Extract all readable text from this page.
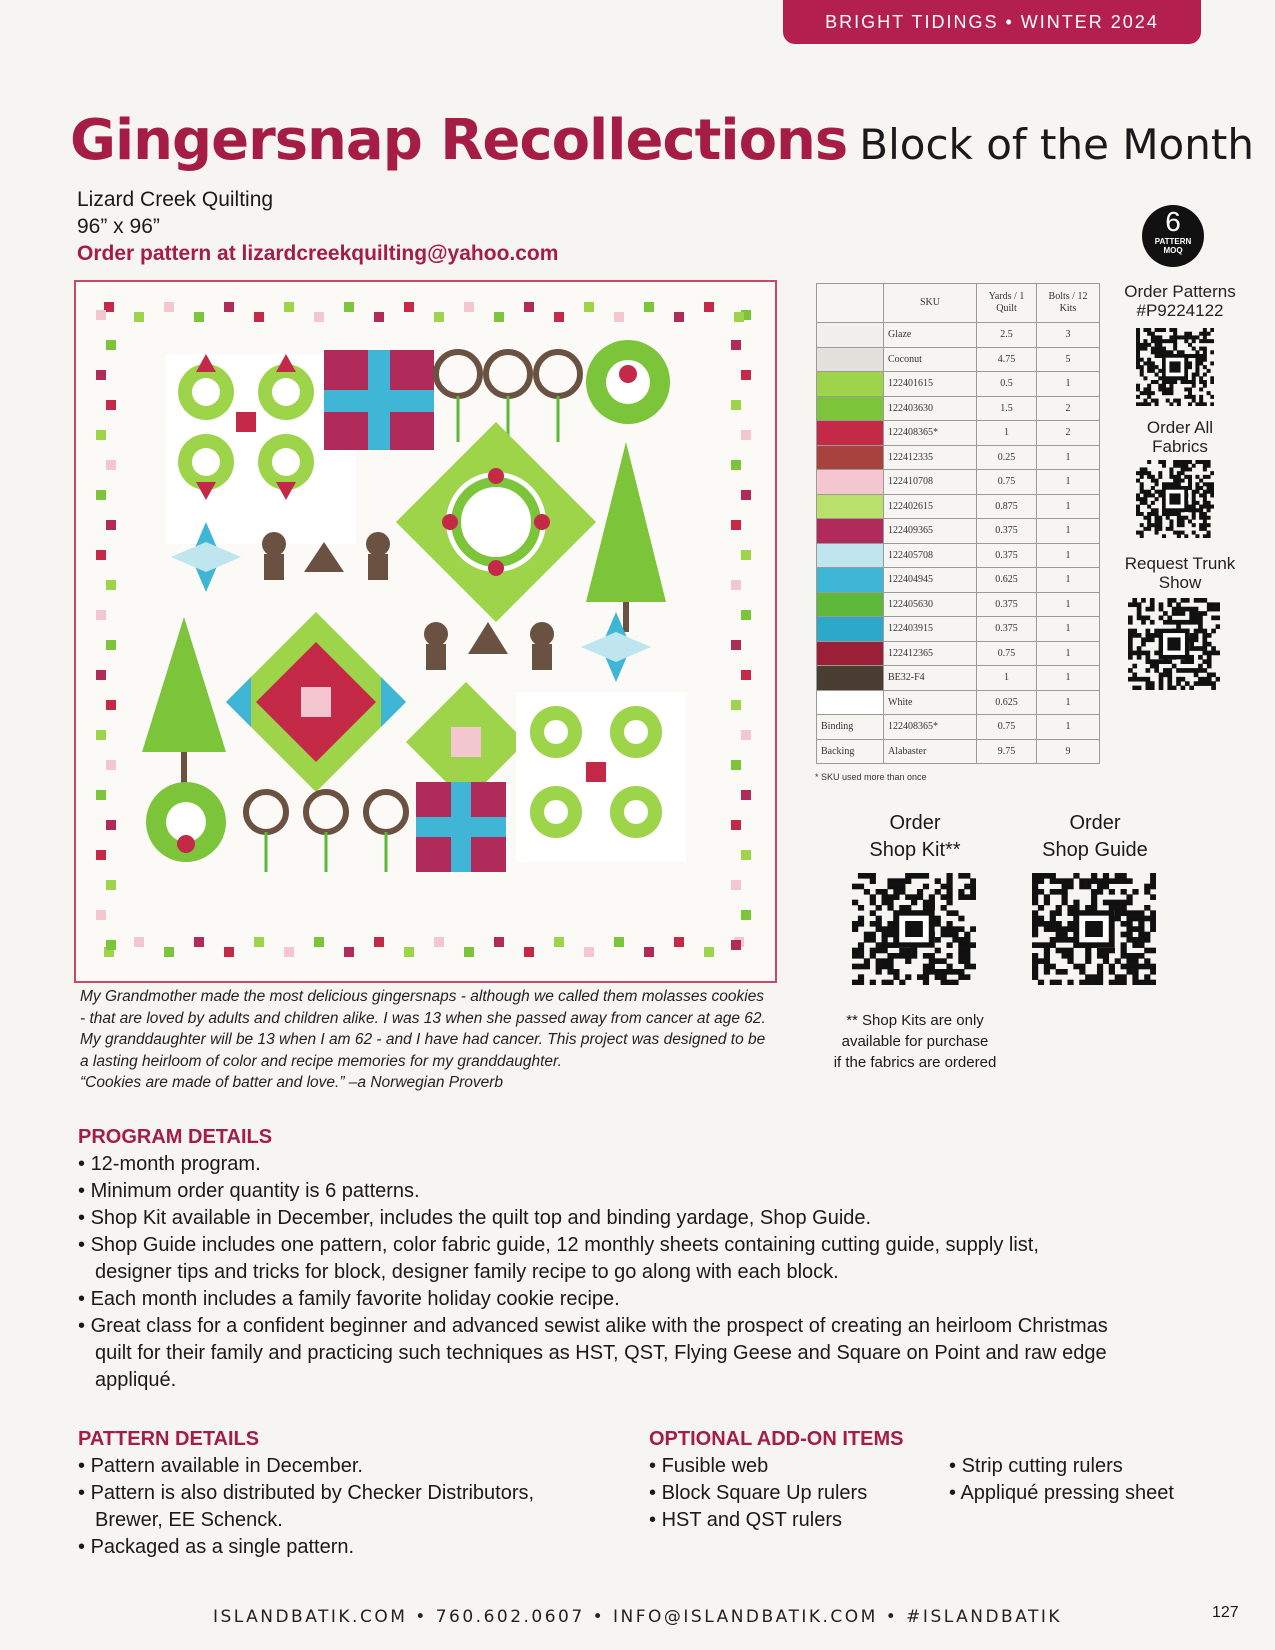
BRIGHT TIDINGS • WINTER 2024
Gingersnap Recollections Block of the Month
Lizard Creek Quilting
96” x 96”
Order pattern at lizardcreekquilting@yahoo.com
6
PATTERN
MOQ
My Grandmother made the most delicious gingersnaps - although we called them molasses cookies
- that are loved by adults and children alike. I was 13 when she passed away from cancer at age 62.
My granddaughter will be 13 when I am 62 - and I have had cancer. This project was designed to be
a lasting heirloom of color and recipe memories for my granddaughter.
“Cookies are made of batter and love.” –a Norwegian Proverb
	SKU	Yards / 1 Quilt	Bolts / 12 Kits
	Glaze	2.5	3
	Coconut	4.75	5
	122401615	0.5	1
	122403630	1.5	2
	122408365*	1	2
	122412335	0.25	1
	122410708	0.75	1
	122402615	0.875	1
	122409365	0.375	1
	122405708	0.375	1
	122404945	0.625	1
	122405630	0.375	1
	122403915	0.375	1
	122412365	0.75	1
	BE32-F4	1	1
	White	0.625	1
Binding	122408365*	0.75	1
Backing	Alabaster	9.75	9
* SKU used more than once
Order Patterns
#P9224122
Order All
Fabrics
Request Trunk
Show
Order
Shop Kit**
Order
Shop Guide
** Shop Kits are only
available for purchase
if the fabrics are ordered
PROGRAM DETAILS
• 12-month program.
• Minimum order quantity is 6 patterns.
• Shop Kit available in December, includes the quilt top and binding yardage, Shop Guide.
• Shop Guide includes one pattern, color fabric guide, 12 monthly sheets containing cutting guide, supply list, designer tips and tricks for block, designer family recipe to go along with each block.
• Each month includes a family favorite holiday cookie recipe.
• Great class for a confident beginner and advanced sewist alike with the prospect of creating an heirloom Christmas quilt for their family and practicing such techniques as HST, QST, Flying Geese and Square on Point and raw edge appliqué.
PATTERN DETAILS
• Pattern available in December.
• Pattern is also distributed by Checker Distributors, Brewer, EE Schenck.
• Packaged as a single pattern.
OPTIONAL ADD-ON ITEMS
• Fusible web
• Block Square Up rulers
• HST and QST rulers
• Strip cutting rulers
• Appliqué pressing sheet
ISLANDBATIK.COM • 760.602.0607 • INFO@ISLANDBATIK.COM • #ISLANDBATIK	127
